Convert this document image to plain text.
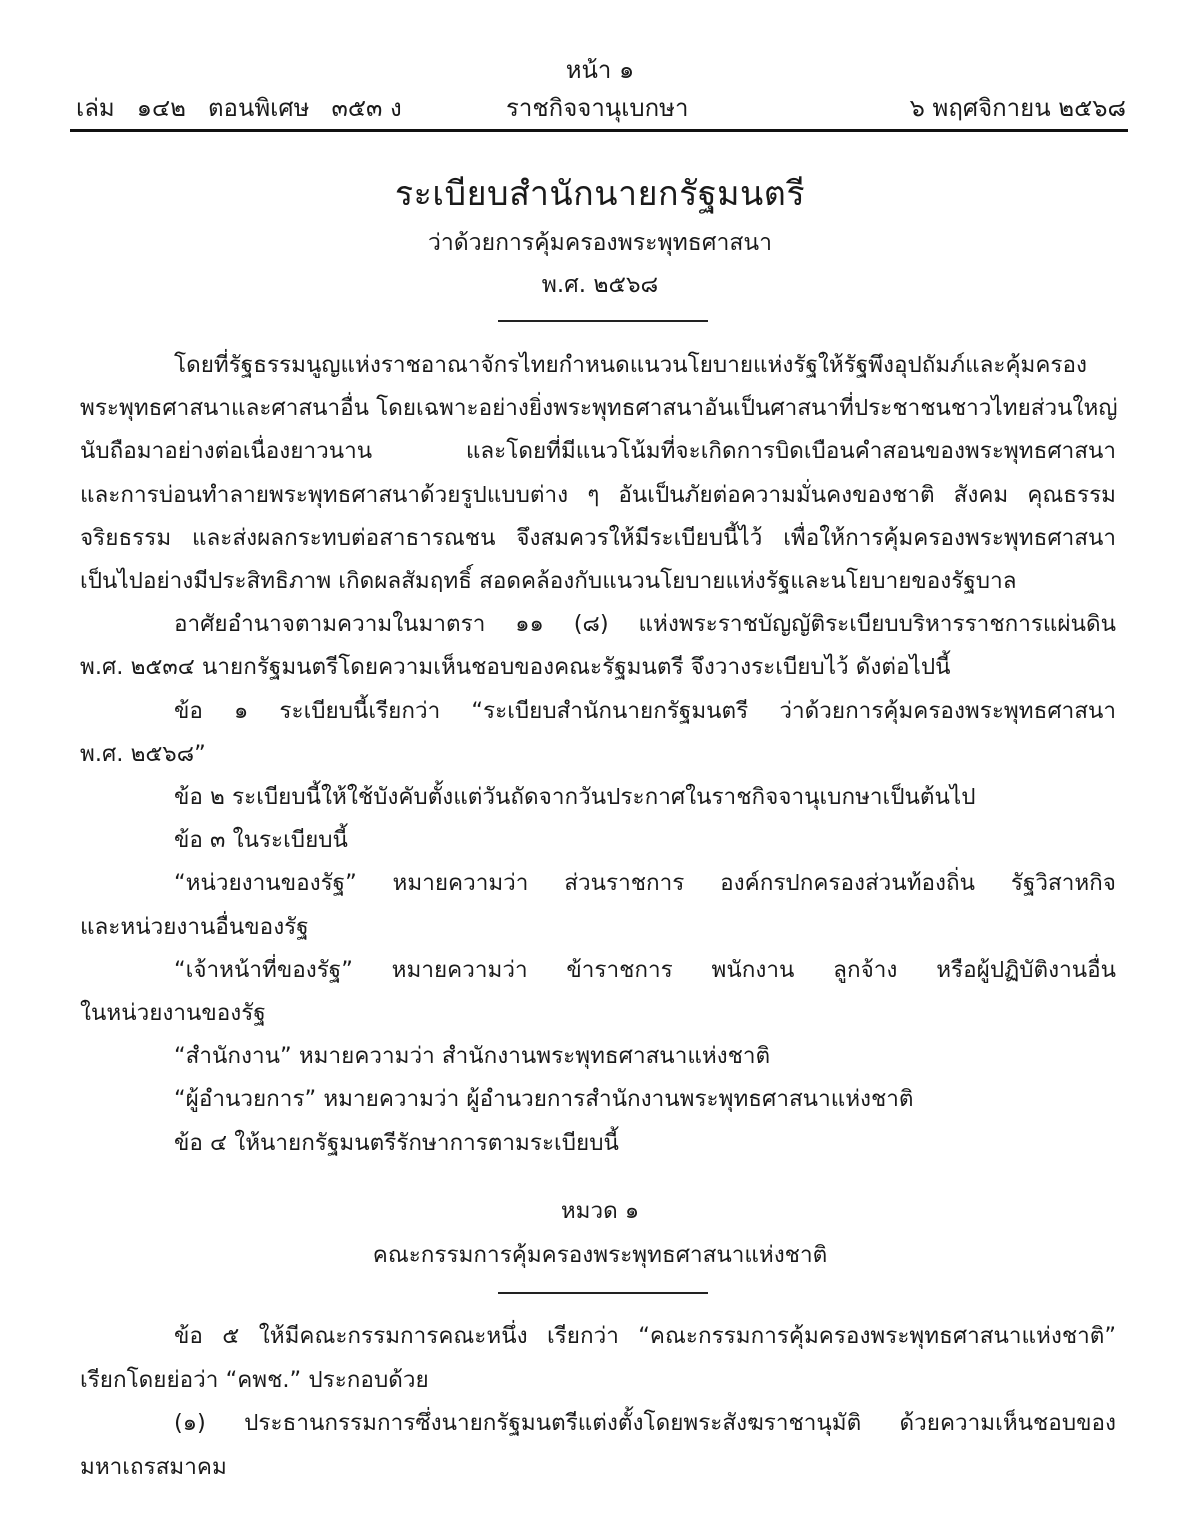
หน้า ๑
เล่ม ๑๔๒ ตอนพิเศษ ๓๕๓ ง	ราชกิจจานุเบกษา	๖ พฤศจิกายน ๒๕๖๘
ระเบียบสำนักนายกรัฐมนตรี
ว่าด้วยการคุ้มครองพระพุทธศาสนา
พ.ศ. ๒๕๖๘
โดยที่รัฐธรรมนูญแห่งราชอาณาจักรไทยกำหนดแนวนโยบายแห่งรัฐให้รัฐพึงอุปถัมภ์และคุ้มครอง
พระพุทธศาสนาและศาสนาอื่น โดยเฉพาะอย่างยิ่งพระพุทธศาสนาอันเป็นศาสนาที่ประชาชนชาวไทยส่วนใหญ่
นับถือมาอย่างต่อเนื่องยาวนาน และโดยที่มีแนวโน้มที่จะเกิดการบิดเบือนคำสอนของพระพุทธศาสนา
และการบ่อนทำลายพระพุทธศาสนาด้วยรูปแบบต่าง ๆ อันเป็นภัยต่อความมั่นคงของชาติ สังคม คุณธรรม
จริยธรรม และส่งผลกระทบต่อสาธารณชน จึงสมควรให้มีระเบียบนี้ไว้ เพื่อให้การคุ้มครองพระพุทธศาสนา
เป็นไปอย่างมีประสิทธิภาพ เกิดผลสัมฤทธิ์ สอดคล้องกับแนวนโยบายแห่งรัฐและนโยบายของรัฐบาล
อาศัยอำนาจตามความในมาตรา ๑๑ (๘) แห่งพระราชบัญญัติระเบียบบริหารราชการแผ่นดิน
พ.ศ. ๒๕๓๔ นายกรัฐมนตรีโดยความเห็นชอบของคณะรัฐมนตรี จึงวางระเบียบไว้ ดังต่อไปนี้
ข้อ ๑ ระเบียบนี้เรียกว่า “ระเบียบสำนักนายกรัฐมนตรี ว่าด้วยการคุ้มครองพระพุทธศาสนา
พ.ศ. ๒๕๖๘”
ข้อ ๒ ระเบียบนี้ให้ใช้บังคับตั้งแต่วันถัดจากวันประกาศในราชกิจจานุเบกษาเป็นต้นไป
ข้อ ๓ ในระเบียบนี้
“หน่วยงานของรัฐ” หมายความว่า ส่วนราชการ องค์กรปกครองส่วนท้องถิ่น รัฐวิสาหกิจ
และหน่วยงานอื่นของรัฐ
“เจ้าหน้าที่ของรัฐ” หมายความว่า ข้าราชการ พนักงาน ลูกจ้าง หรือผู้ปฏิบัติงานอื่น
ในหน่วยงานของรัฐ
“สำนักงาน” หมายความว่า สำนักงานพระพุทธศาสนาแห่งชาติ
“ผู้อำนวยการ” หมายความว่า ผู้อำนวยการสำนักงานพระพุทธศาสนาแห่งชาติ
ข้อ ๔ ให้นายกรัฐมนตรีรักษาการตามระเบียบนี้
หมวด ๑
คณะกรรมการคุ้มครองพระพุทธศาสนาแห่งชาติ
ข้อ ๕ ให้มีคณะกรรมการคณะหนึ่ง เรียกว่า “คณะกรรมการคุ้มครองพระพุทธศาสนาแห่งชาติ”
เรียกโดยย่อว่า “คพช.” ประกอบด้วย
(๑) ประธานกรรมการซึ่งนายกรัฐมนตรีแต่งตั้งโดยพระสังฆราชานุมัติ ด้วยความเห็นชอบของ
มหาเถรสมาคม
